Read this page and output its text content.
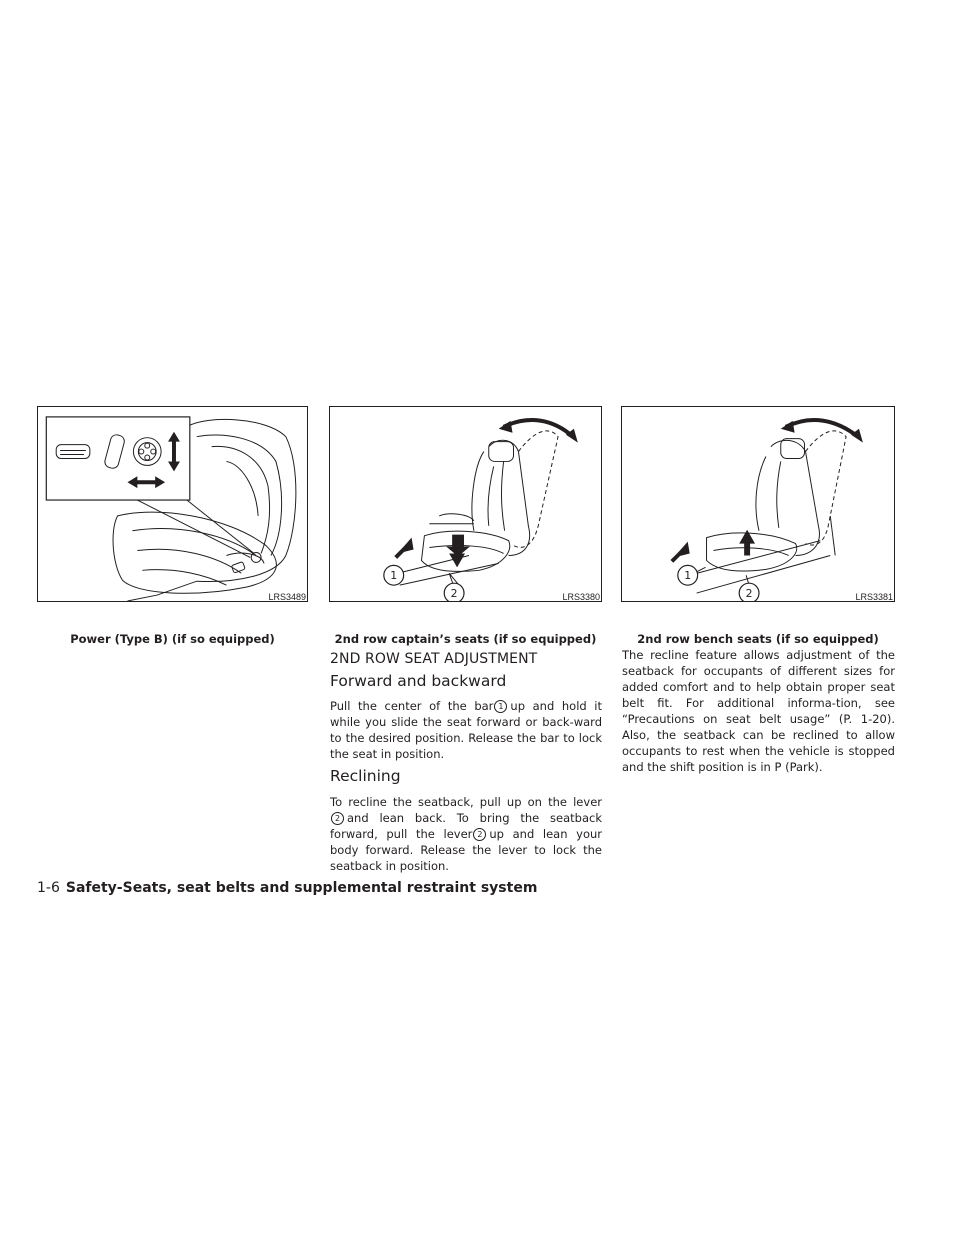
LRS3489
Power (Type B) (if so equipped)
1
2	LRS3380
2nd row captain’s seats (if so equipped)
1
2	LRS3381
2nd row bench seats (if so equipped)
2ND ROW SEAT ADJUSTMENT
Forward and backward

Pull the center of the bar 1 up and hold it while you slide the seat forward or back-ward to the desired position. Release the bar to lock the seat in position.

Reclining

To recline the seatback, pull up on the lever 2 and lean back. To bring the seatback forward, pull the lever 2 up and lean your body forward. Release the lever to lock the seatback in position.

The recline feature allows adjustment of the seatback for occupants of different sizes for added comfort and to help obtain proper seat belt fit. For additional informa-tion, see “Precautions on seat belt usage” (P. 1-20). Also, the seatback can be reclined to allow occupants to rest when the vehicle is stopped and the shift position is in P (Park).

1-6 Safety-Seats, seat belts and supplemental restraint system
